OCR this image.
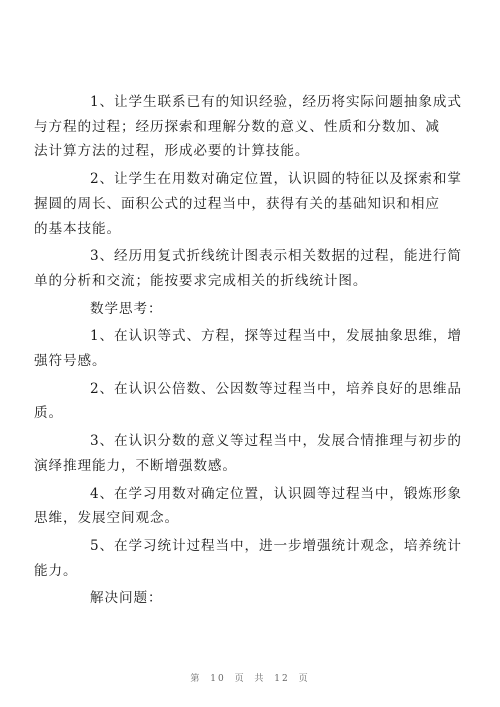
1、让学生联系已有的知识经验，经历将实际问题抽象成式
与方程的过程；经历探索和理解分数的意义、性质和分数加、减
法计算方法的过程，形成必要的计算技能。
2、让学生在用数对确定位置，认识圆的特征以及探索和掌
握圆的周长、面积公式的过程当中，获得有关的基础知识和相应
的基本技能。
3、经历用复式折线统计图表示相关数据的过程，能进行简
单的分析和交流；能按要求完成相关的折线统计图。
数学思考：
1、在认识等式、方程，探等过程当中，发展抽象思维，增
强符号感。
2、在认识公倍数、公因数等过程当中，培养良好的思维品
质。
3、在认识分数的意义等过程当中，发展合情推理与初步的
演绎推理能力，不断增强数感。
4、在学习用数对确定位置，认识圆等过程当中，锻炼形象
思维，发展空间观念。
5、在学习统计过程当中，进一步增强统计观念，培养统计
能力。
解决问题：
第 10 页 共 12 页
